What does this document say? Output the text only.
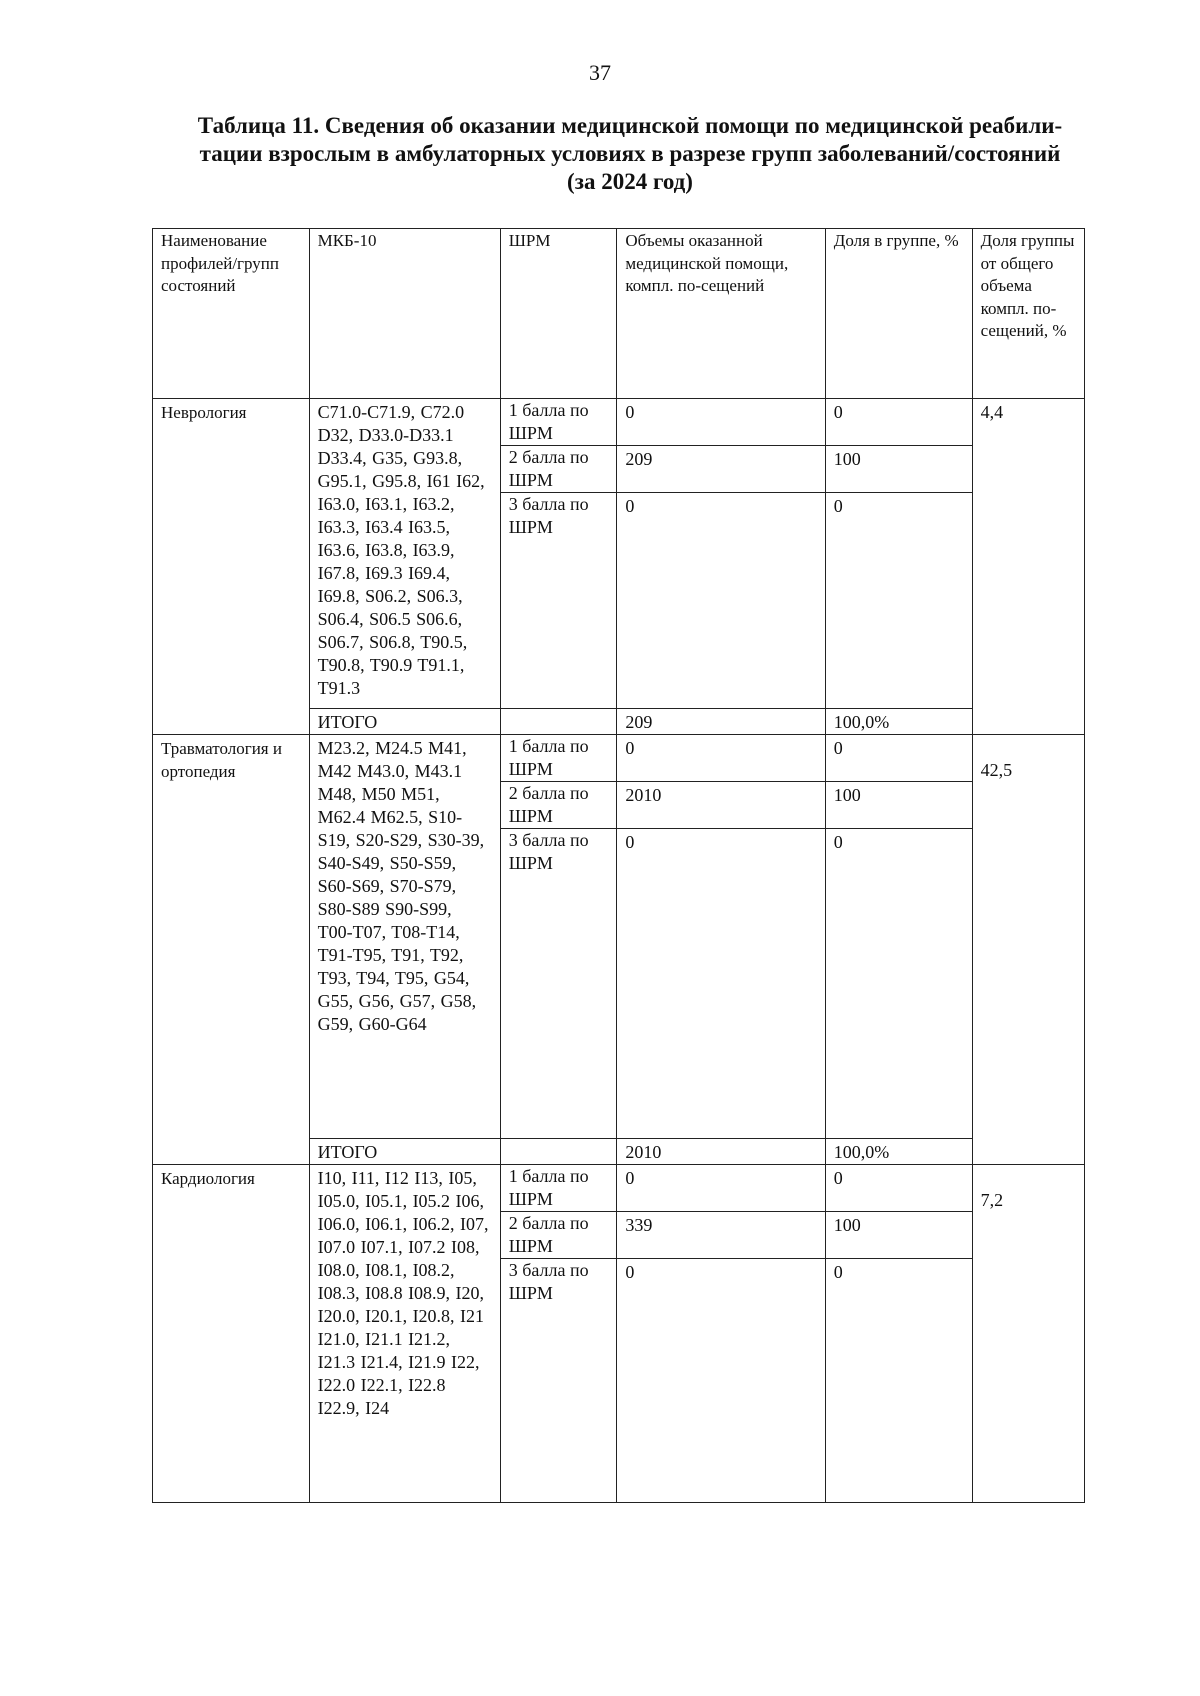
37
Таблица 11. Сведения об оказании медицинской помощи по медицинской реабили-
тации взрослым в амбулаторных условиях в разрезе групп заболеваний/состояний
(за 2024 год)
Наименование профилей/групп состояний	МКБ-10	ШРМ	Объемы оказанной медицинской помощи, компл. по-сещений	Доля в группе, %	Доля группы от общего объема компл. по-сещений, %
Неврология	C71.0-C71.9, C72.0 D32, D33.0-D33.1 D33.4, G35, G93.8, G95.1, G95.8, I61 I62, I63.0, I63.1, I63.2, I63.3, I63.4 I63.5, I63.6, I63.8, I63.9, I67.8, I69.3 I69.4, I69.8, S06.2, S06.3, S06.4, S06.5 S06.6, S06.7, S06.8, T90.5, T90.8, T90.9 T91.1, T91.3	1 балла по ШРМ	0	0	4,4
		2 балла по ШРМ	209	100	
		3 балла по ШРМ	0	0	
	ИТОГО		209	100,0%	
Травматология и ортопедия	M23.2, M24.5 M41, M42 M43.0, M43.1 M48, M50 M51, M62.4 M62.5, S10-S19, S20-S29, S30-39, S40-S49, S50-S59, S60-S69, S70-S79, S80-S89 S90-S99, T00-T07, T08-T14, T91-T95, T91, T92, T93, T94, T95, G54, G55, G56, G57, G58, G59, G60-G64	1 балла по ШРМ	0	0	42,5
		2 балла по ШРМ	2010	100	
		3 балла по ШРМ	0	0	
	ИТОГО		2010	100,0%	
Кардиология	I10, I11, I12 I13, I05, I05.0, I05.1, I05.2 I06, I06.0, I06.1, I06.2, I07, I07.0 I07.1, I07.2 I08, I08.0, I08.1, I08.2, I08.3, I08.8 I08.9, I20, I20.0, I20.1, I20.8, I21 I21.0, I21.1 I21.2, I21.3 I21.4, I21.9 I22, I22.0 I22.1, I22.8 I22.9, I24	1 балла по ШРМ	0	0	7,2
		2 балла по ШРМ	339	100	
		3 балла по ШРМ	0	0	
